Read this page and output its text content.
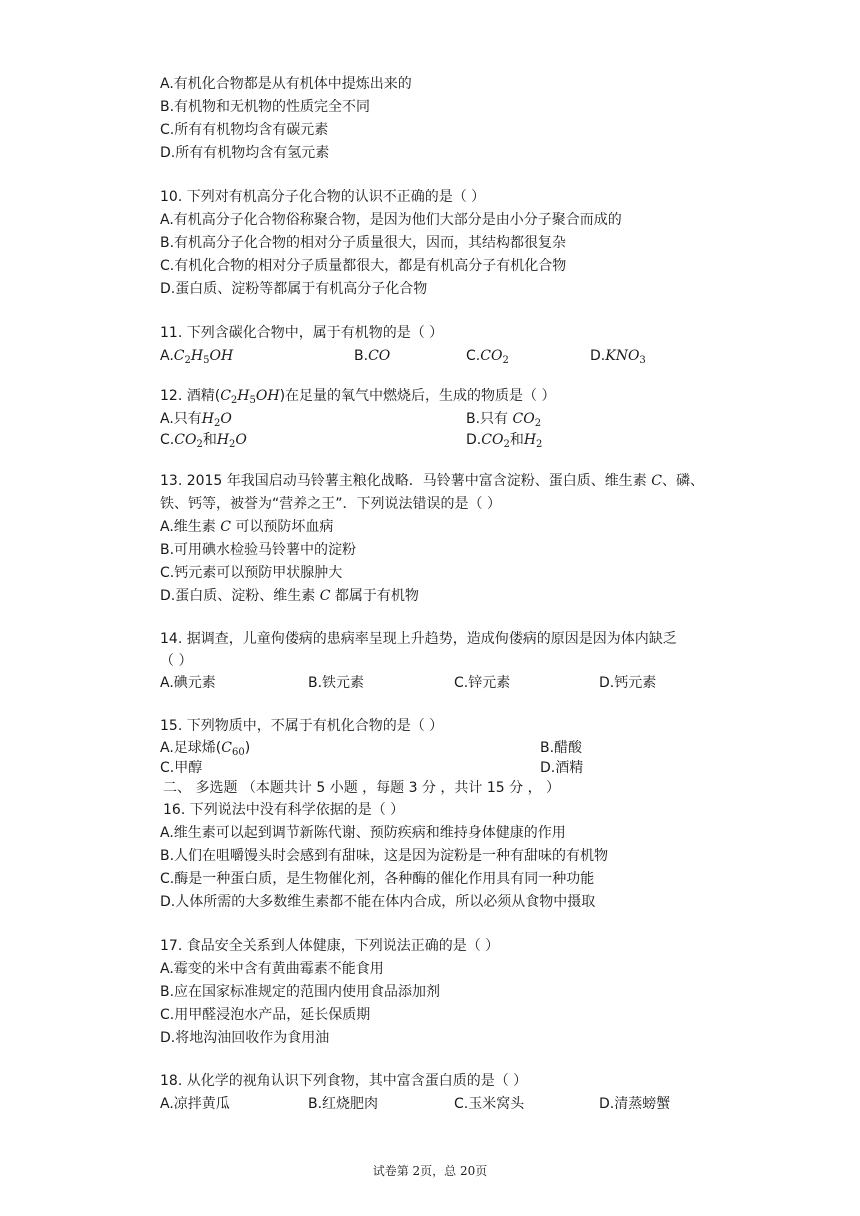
A.有机化合物都是从有机体中提炼出来的
B.有机物和无机物的性质完全不同
C.所有有机物均含有碳元素
D.所有有机物均含有氢元素
10. 下列对有机高分子化合物的认识不正确的是（ ）
A.有机高分子化合物俗称聚合物，是因为他们大部分是由小分子聚合而成的
B.有机高分子化合物的相对分子质量很大，因而，其结构都很复杂
C.有机化合物的相对分子质量都很大，都是有机高分子有机化合物
D.蛋白质、淀粉等都属于有机高分子化合物
11. 下列含碳化合物中，属于有机物的是（ ）
$A.C_2H_5OH$	B.CO	$C.CO_2$	$D.KNO_3$
12. 酒精$(C_2H_5OH)$在足量的氧气中燃烧后，生成的物质是（ ）
A.只有$H_2O$	B.只有 $CO_2$
$C.CO_2$和$H_2O$	$D.CO_2$和$H_2$
13. 2015 年我国启动马铃薯主粮化战略．马铃薯中富含淀粉、蛋白质、维生素 C、磷、
铁、钙等，被誉为“营养之王”．下列说法错误的是（ ）
A.维生素 C 可以预防坏血病
B.可用碘水检验马铃薯中的淀粉
C.钙元素可以预防甲状腺肿大
D.蛋白质、淀粉、维生素 C 都属于有机物
14. 据调查，儿童佝偻病的患病率呈现上升趋势，造成佝偻病的原因是因为体内缺乏
（ ）
A.碘元素	B.铁元素	C.锌元素	D.钙元素
15. 下列物质中，不属于有机化合物的是（ ）
A.足球烯$(C_{60})$	B.醋酸
C.甲醇	D.酒精
二、 多选题 （本题共计 5 小题 ，每题 3 分 ，共计 15 分 ， ）
16. 下列说法中没有科学依据的是（ ）
A.维生素可以起到调节新陈代谢、预防疾病和维持身体健康的作用
B.人们在咀嚼馒头时会感到有甜味，这是因为淀粉是一种有甜味的有机物
C.酶是一种蛋白质，是生物催化剂，各种酶的催化作用具有同一种功能
D.人体所需的大多数维生素都不能在体内合成，所以必须从食物中摄取
17. 食品安全关系到人体健康，下列说法正确的是（ ）
A.霉变的米中含有黄曲霉素不能食用
B.应在国家标准规定的范围内使用食品添加剂
C.用甲醛浸泡水产品，延长保质期
D.将地沟油回收作为食用油
18. 从化学的视角认识下列食物，其中富含蛋白质的是（ ）
A.凉拌黄瓜	B.红烧肥肉	C.玉米窝头	D.清蒸螃蟹
试卷第 2页，总 20页
